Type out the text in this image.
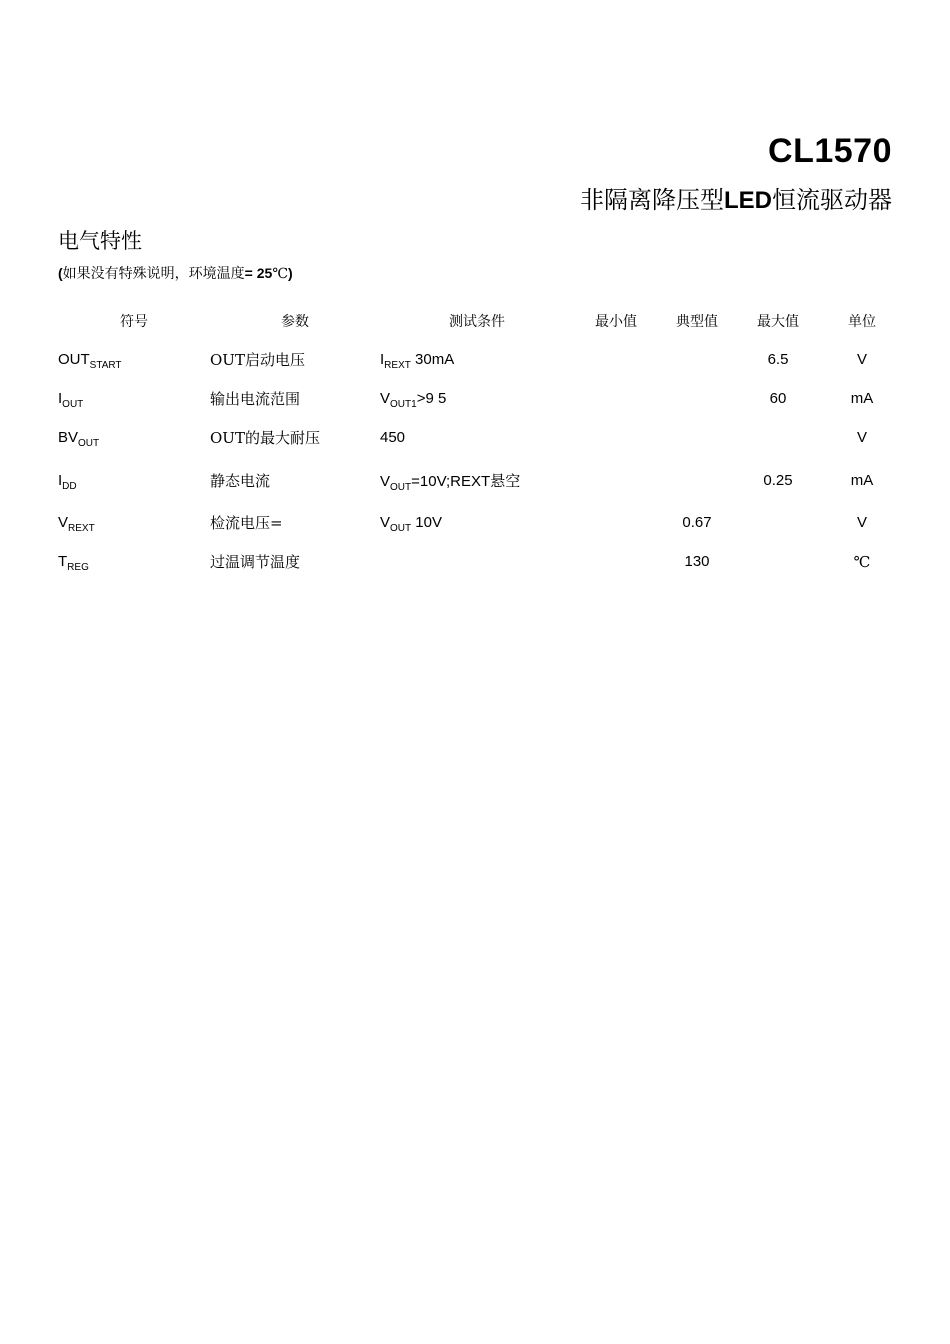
CL1570
非隔离降压型LED恒流驱动器
电气特性
(如果没有特殊说明，环境温度= 25℃)
符号	参数	测试条件	最小值	典型值	最大值	单位
$OUT_{START}$	OUT启动电压	$I_{REXT}$ 30mA			6.5	V
$I_{OUT}$	输出电流范围	$V_{OUT1}>9$ 5			60	mA
$BV_{OUT}$	OUT的最大耐压	450				V
$I_{DD}$	静态电流	$V_{OUT}=10V;REXT$悬空			0.25	mA
$V_{REXT}$	检流电压=	$V_{OUT}$ 10V		0.67		V
$T_{REG}$	过温调节温度			130		℃
